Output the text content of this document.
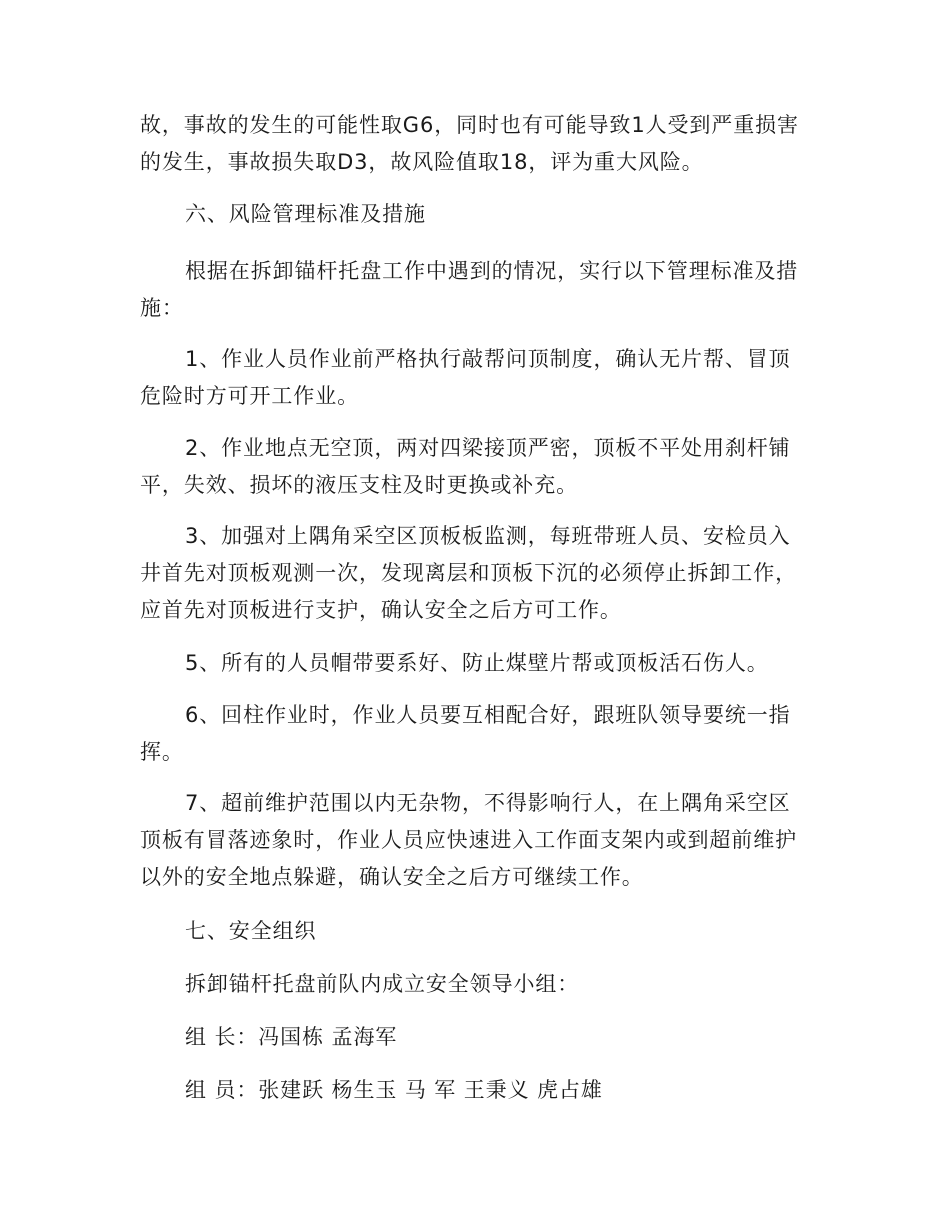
故，事故的发生的可能性取G6，同时也有可能导致1人受到严重损害的发生，事故损失取D3，故风险值取18，评为重大风险。

六、风险管理标准及措施

根据在拆卸锚杆托盘工作中遇到的情况，实行以下管理标准及措施：

1、作业人员作业前严格执行敲帮问顶制度，确认无片帮、冒顶危险时方可开工作业。

2、作业地点无空顶，两对四梁接顶严密，顶板不平处用刹杆铺平，失效、损坏的液压支柱及时更换或补充。

3、加强对上隅角采空区顶板板监测，每班带班人员、安检员入井首先对顶板观测一次，发现离层和顶板下沉的必须停止拆卸工作，应首先对顶板进行支护，确认安全之后方可工作。

5、所有的人员帽带要系好、防止煤壁片帮或顶板活石伤人。

6、回柱作业时，作业人员要互相配合好，跟班队领导要统一指挥。

7、超前维护范围以内无杂物，不得影响行人，在上隅角采空区顶板有冒落迹象时，作业人员应快速进入工作面支架内或到超前维护以外的安全地点躲避，确认安全之后方可继续工作。

七、安全组织

拆卸锚杆托盘前队内成立安全领导小组：

组 长：冯国栋 孟海军

组 员：张建跃 杨生玉 马 军 王秉义 虎占雄
